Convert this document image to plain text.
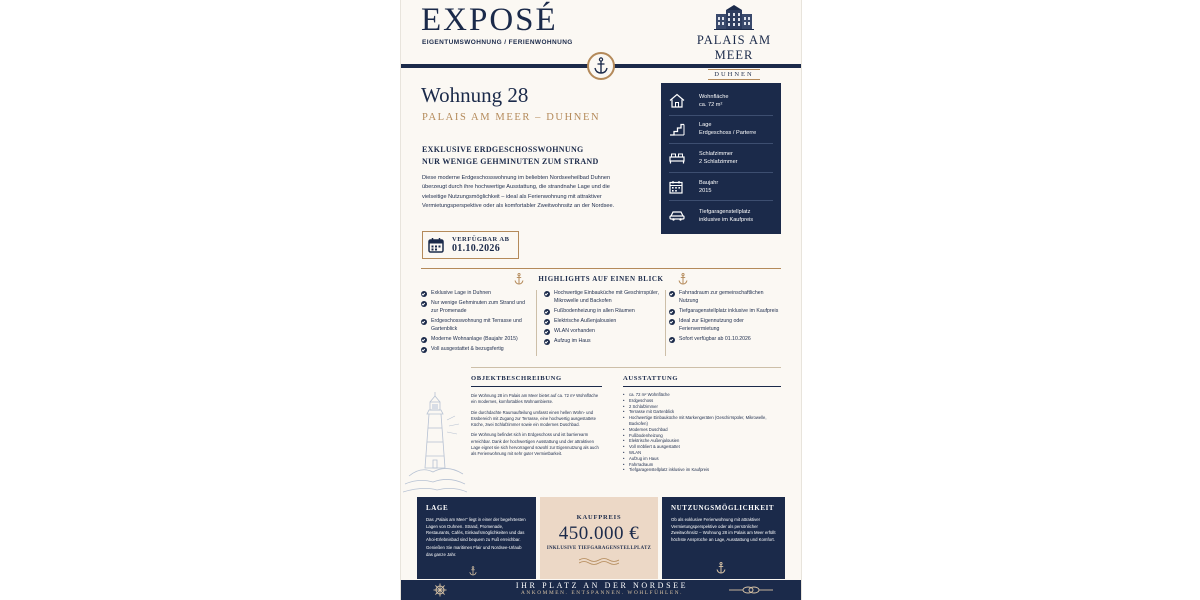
EXPOSÉ
EIGENTUMSWOHNUNG / FERIENWOHNUNG	PALAIS AM MEER
DUHNEN
Wohnung 28
PALAIS AM MEER – DUHNEN
EXKLUSIVE ERDGESCHOSSWOHNUNG
NUR WENIGE GEHMINUTEN ZUM STRAND
Diese moderne Erdgeschosswohnung im beliebten Nordseeheilbad Duhnen überzeugt durch ihre hochwertige Ausstattung, die strandnahe Lage und die vielseitige Nutzungsmöglichkeit – ideal als Ferienwohnung mit attraktiver Vermietungsperspektive oder als komfortabler Zweitwohnsitz an der Nordsee.
VERFÜGBAR AB
01.10.2026
Wohnfläche
ca. 72 m²
Lage
Erdgeschoss / Parterre
Schlafzimmer
2 Schlafzimmer
Baujahr
2015
Tiefgaragenstellplatz
inklusive im Kaufpreis
HIGHLIGHTS AUF EINEN BLICK
Exklusive Lage in Duhnen
Nur wenige Gehminuten zum Strand und zur Promenade
Erdgeschosswohnung mit Terrasse und Gartenblick
Moderne Wohnanlage (Baujahr 2015)
Voll ausgestattet & bezugsfertig
Hochwertige Einbauküche mit Geschirrspüler, Mikrowelle und Backofen
Fußbodenheizung in allen Räumen
Elektrische Außenjalousien
WLAN vorhanden
Aufzug im Haus
Fahrradraum zur gemeinschaftlichen Nutzung
Tiefgaragenstellplatz inklusive im Kaufpreis
Ideal zur Eigennutzung oder Ferienvermietung
Sofort verfügbar ab 01.10.2026
OBJEKTBESCHREIBUNG

Die Wohnung 28 im Palais am Meer bietet auf ca. 72 m² Wohnfläche ein modernes, komfortables Wohnambiente.

Die durchdachte Raumaufteilung umfasst einen hellen Wohn- und Essbereich mit Zugang zur Terrasse, eine hochwertig ausgestattete Küche, zwei Schlafzimmer sowie ein modernes Duschbad.

Die Wohnung befindet sich im Erdgeschoss und ist barrierearm erreichbar. Dank der hochwertigen Ausstattung und der attraktiven Lage eignet sie sich hervorragend sowohl zur Eigennutzung als auch als Ferienwohnung mit sehr guter Vermietbarkeit.

AUSSTATTUNG
• ca. 72 m² Wohnfläche
• Erdgeschoss
• 2 Schlafzimmer
• Terrasse mit Gartenblick
• Hochwertige Einbauküche mit Markengeräten (Geschirrspüler, Mikrowelle, Backofen)
• Modernes Duschbad
• Fußbodenheizung
• Elektrische Außenjalousien
• Voll möbliert & ausgestattet
• WLAN
• Aufzug im Haus
• Fahrradraum
• Tiefgaragenstellplatz inklusive im Kaufpreis
LAGE
Das „Palais am Meer“ liegt in einer der begehrtesten Lagen von Duhnen. Strand, Promenade, Restaurants, Cafés, Einkaufsmöglichkeiten und das Ahoi-Erlebnisbad sind bequem zu Fuß erreichbar.
Genießen Sie maritimes Flair und Nordsee-Urlaub das ganze Jahr.
KAUFPREIS
450.000 €
INKLUSIVE TIEFGARAGENSTELLPLATZ
NUTZUNGSMÖGLICHKEIT
Ob als exklusive Ferienwohnung mit attraktiver Vermietungsperspektive oder als persönlicher Zweitwohnsitz – Wohnung 28 im Palais am Meer erfüllt höchste Ansprüche an Lage, Ausstattung und Komfort.
IHR PLATZ AN DER NORDSEE
ANKOMMEN. ENTSPANNEN. WOHLFÜHLEN.
